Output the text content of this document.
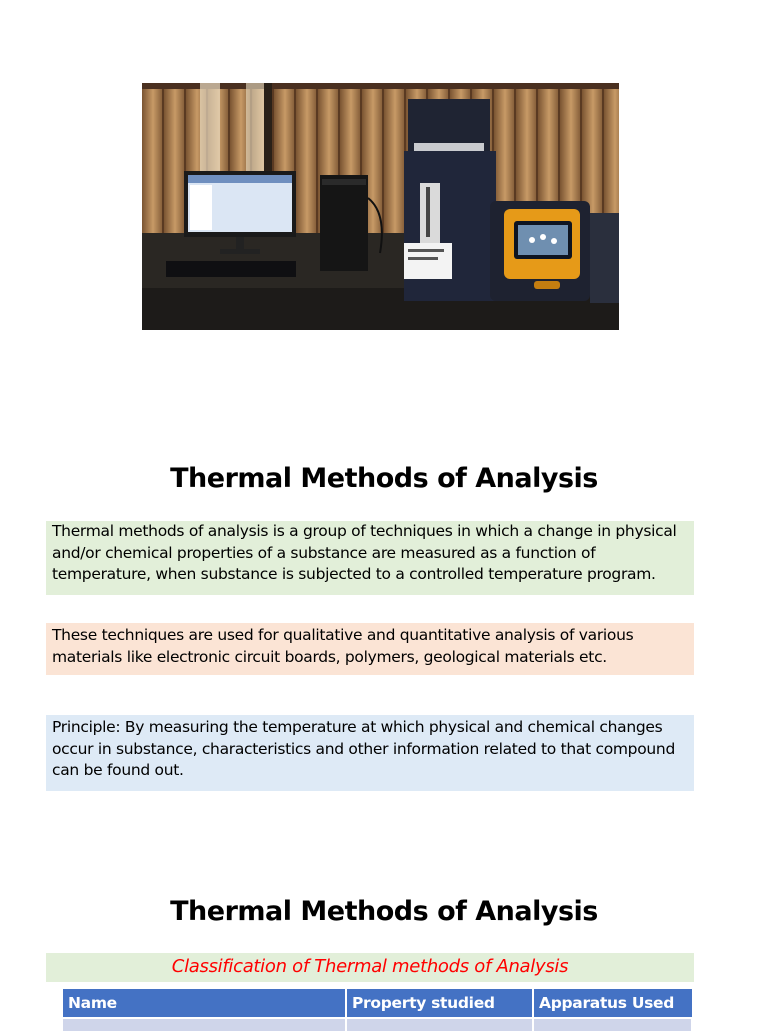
Thermal Methods of Analysis
Thermal methods of analysis is a group of techniques in which a change in physical and/or chemical properties of a substance are measured as a function of temperature, when substance is subjected to a controlled temperature program.
These techniques are used for qualitative and quantitative analysis of various materials like electronic circuit boards, polymers, geological materials etc.
Principle: By measuring the temperature at which physical and chemical changes occur in substance, characteristics and other information related to that compound can be found out.
Thermal Methods of Analysis
Classification of Thermal methods of Analysis
Name	Property studied	Apparatus Used
